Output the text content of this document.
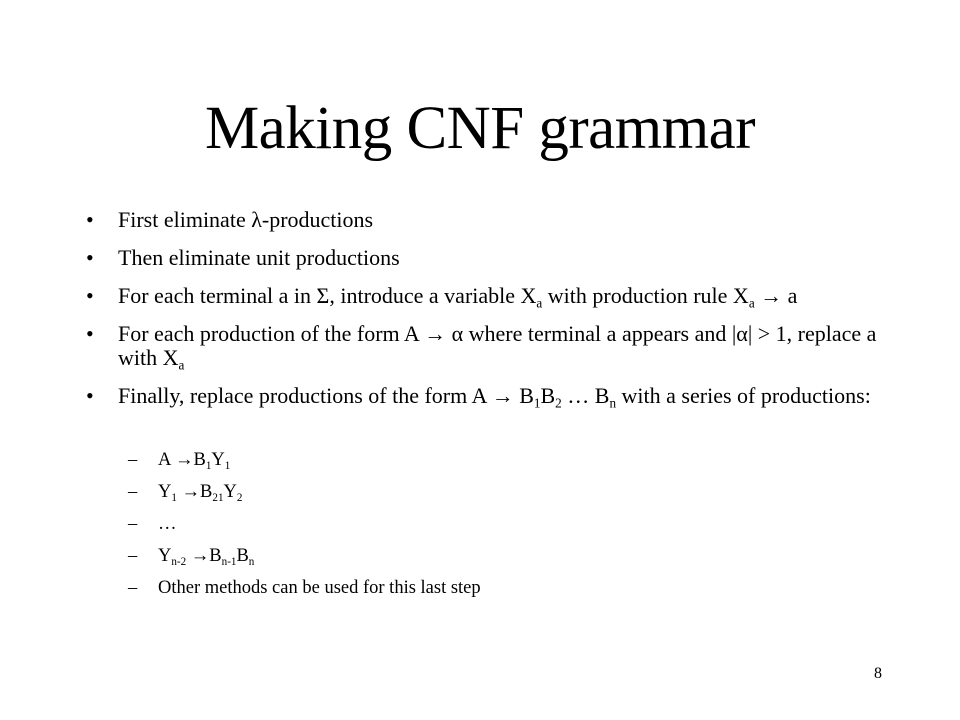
Making CNF grammar
• First eliminate λ-productions
• Then eliminate unit productions
• For each terminal a in Σ, introduce a variable $X_a$ with production rule $X_a \to a$
• For each production of the form A → α where terminal a appears and |α| > 1, replace a with $X_a$
• Finally, replace productions of the form $A \to B_1B_2$ … $B_n$ with a series of productions:
– $A \to B_1Y_1$
– $Y_1 \to B_{21}Y_2$
– …
– $Y_{n-2} \to B_{n-1}B_n$
– Other methods can be used for this last step
8
